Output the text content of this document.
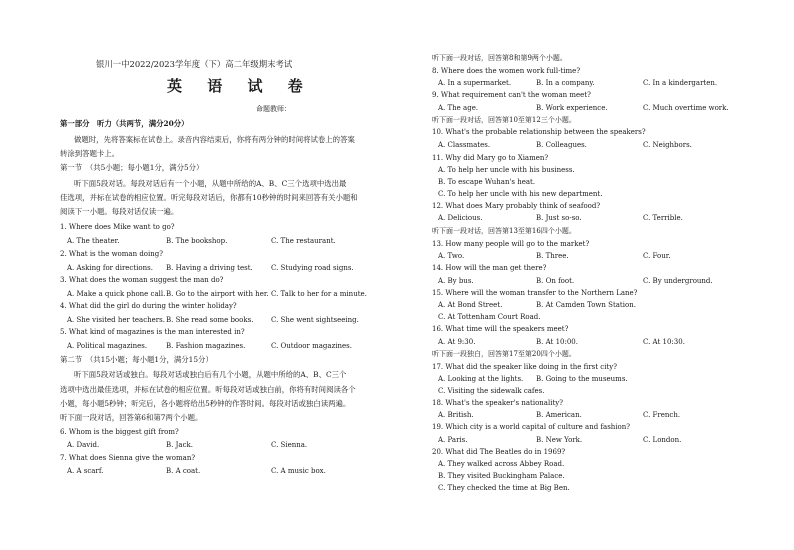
银川一中2022/2023学年度（下）高二年级期末考试
英 语 试 卷
命题教师：
第一部分　听力（共两节，满分20分）
做题时，先将答案标在试卷上。录音内容结束后，你将有两分钟的时间将试卷上的答案
转涂到答题卡上。
第一节　（共5小题；每小题1分，满分5分）
听下面5段对话。每段对话后有一个小题，从题中所给的A、B、C三个选项中选出最
佳选项，并标在试卷的相应位置。听完每段对话后，你都有10秒钟的时间来回答有关小题和
阅读下一小题。每段对话仅读一遍。
1. Where does Mike want to go?
A. The theater.	B. The bookshop.	C. The restaurant.
2. What is the woman doing?
A. Asking for directions. B. Having a driving test.	C. Studying road signs.
3. What does the woman suggest the man do?
A. Make a quick phone call. B. Go to the airport with her. C. Talk to her for a minute.
4. What did the girl do during the winter holiday?
A. She visited her teachers. B. She read some books.	C. She went sightseeing.
5. What kind of magazines is the man interested in?
A. Political magazines.	B. Fashion magazines.	C. Outdoor magazines.
第二节　（共15小题；每小题1分，满分15分）
听下面5段对话或独白。每段对话或独白后有几个小题，从题中所给的A、B、C三个
选项中选出最佳选项，并标在试卷的相应位置。听每段对话或独白前，你将有时间阅读各个
小题，每小题5秒钟；听完后，各小题将给出5秒钟的作答时间。每段对话或独白读两遍。
听下面一段对话，回答第6和第7两个小题。
6. Whom is the biggest gift from?
A. David.	B. Jack.	C. Sienna.
7. What does Sienna give the woman?
A. A scarf.	B. A coat.	C. A music box.
听下面一段对话，回答第8和第9两个小题。
8. Where does the women work full-time?
A. In a supermarket.	B. In a company.	C. In a kindergarten.
9. What requirement can't the woman meet?
A. The age.	B. Work experience.	C. Much overtime work.
听下面一段对话，回答第10至第12三个小题。
10. What's the probable relationship between the speakers?
A. Classmates.	B. Colleagues.	C. Neighbors.
11. Why did Mary go to Xiamen?
A. To help her uncle with his business.
B. To escape Wuhan's heat.
C. To help her uncle with his new department.
12. What does Mary probably think of seafood?
A. Delicious.	B. Just so-so.	C. Terrible.
听下面一段对话，回答第13至第16四个小题。
13. How many people will go to the market?
A. Two.	B. Three.	C. Four.
14. How will the man get there?
A. By bus.	B. On foot.	C. By underground.
15. Where will the woman transfer to the Northern Lane?
A. At Bond Street.	B. At Camden Town Station.
C. At Tottenham Court Road.
16. What time will the speakers meet?
A. At 9:30.	B. At 10:00.	C. At 10:30.
听下面一段独白，回答第17至第20四个小题。
17. What did the speaker like doing in the first city?
A. Looking at the lights. B. Going to the museums.
C. Visiting the sidewalk cafes.
18. What's the speaker's nationality?
A. British.	B. American.	C. French.
19. Which city is a world capital of culture and fashion?
A. Paris.	B. New York.	C. London.
20. What did The Beatles do in 1969?
A. They walked across Abbey Road.
B. They visited Buckingham Palace.
C. They checked the time at Big Ben.
